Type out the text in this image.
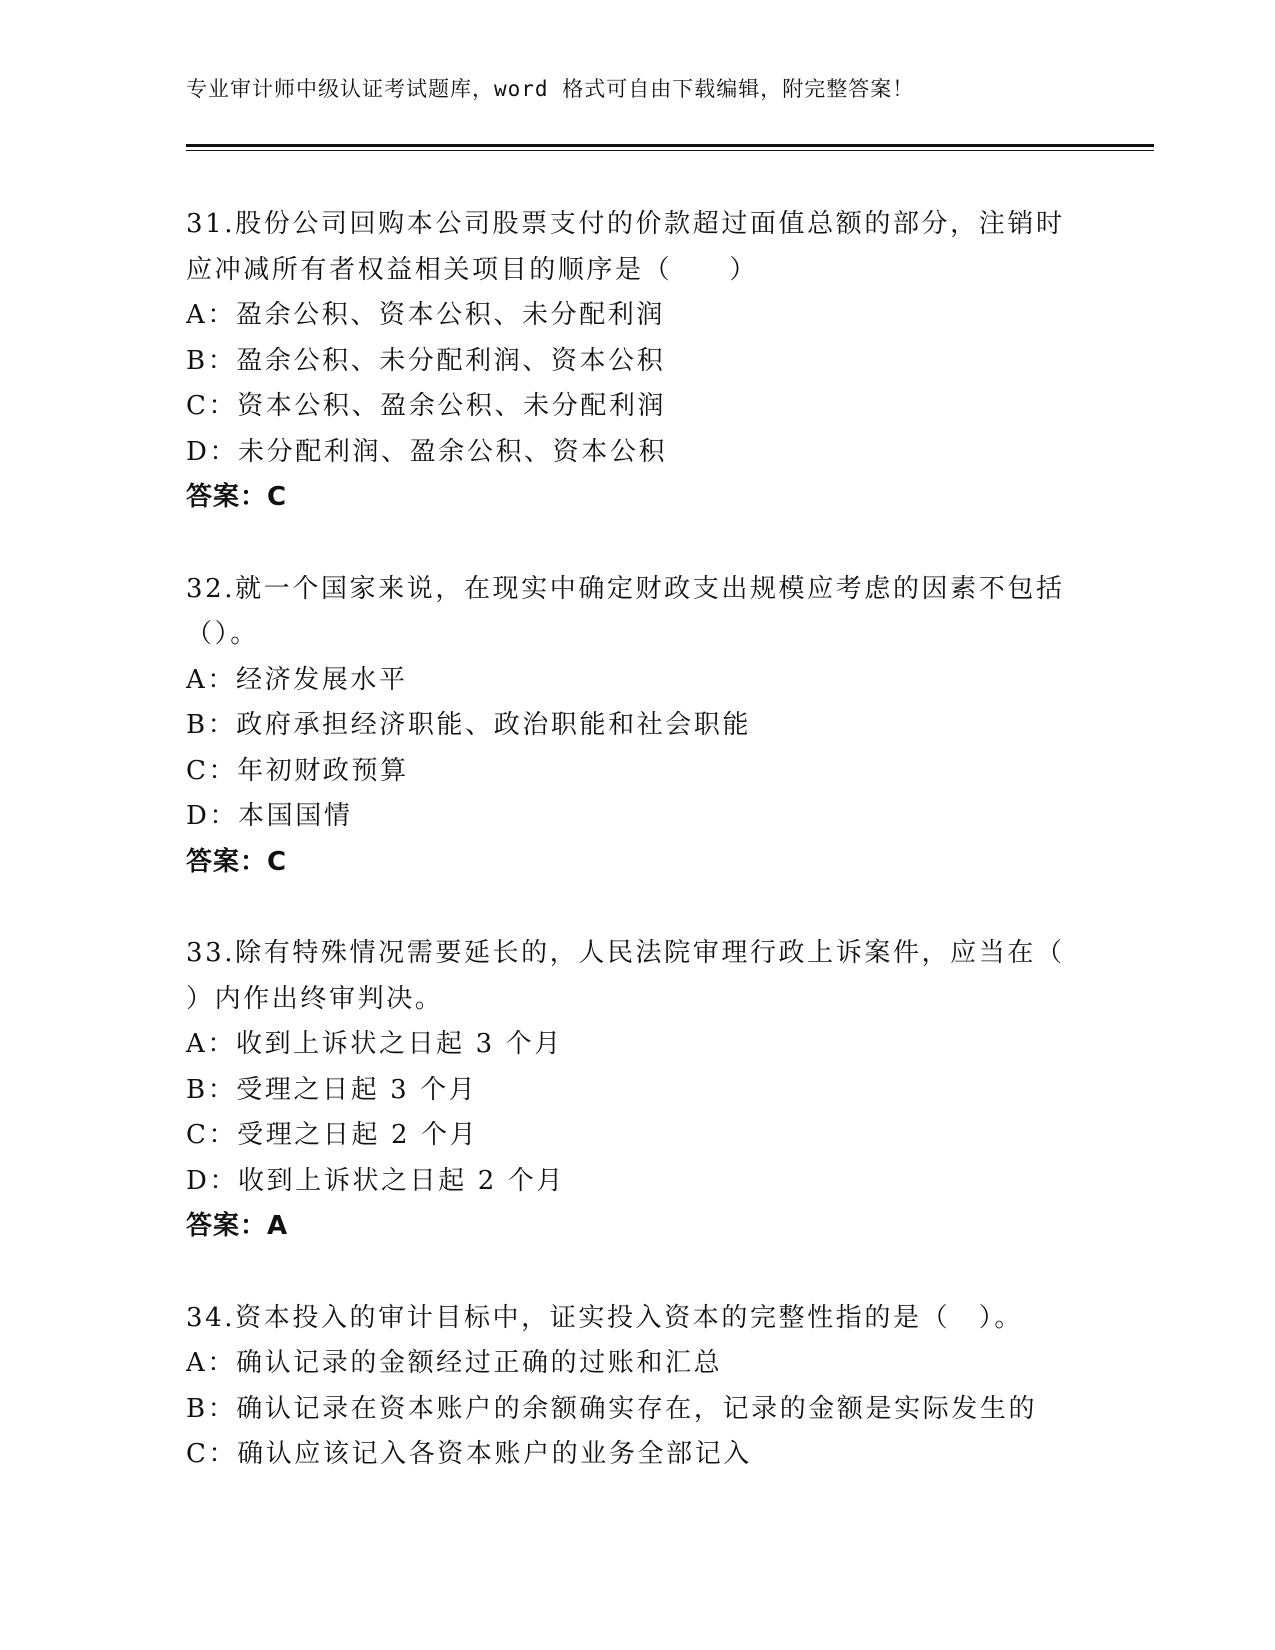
专业审计师中级认证考试题库，word 格式可自由下载编辑，附完整答案！
31.股份公司回购本公司股票支付的价款超过面值总额的部分，注销时
应冲减所有者权益相关项目的顺序是（　　）
A：盈余公积、资本公积、未分配利润
B：盈余公积、未分配利润、资本公积
C：资本公积、盈余公积、未分配利润
D：未分配利润、盈余公积、资本公积
答案：C
32.就一个国家来说，在现实中确定财政支出规模应考虑的因素不包括
（）。
A：经济发展水平
B：政府承担经济职能、政治职能和社会职能
C：年初财政预算
D：本国国情
答案：C
33.除有特殊情况需要延长的，人民法院审理行政上诉案件，应当在（
）内作出终审判决。
A：收到上诉状之日起 3 个月
B：受理之日起 3 个月
C：受理之日起 2 个月
D：收到上诉状之日起 2 个月
答案：A
34.资本投入的审计目标中，证实投入资本的完整性指的是（　）。
A：确认记录的金额经过正确的过账和汇总
B：确认记录在资本账户的余额确实存在，记录的金额是实际发生的
C：确认应该记入各资本账户的业务全部记入
